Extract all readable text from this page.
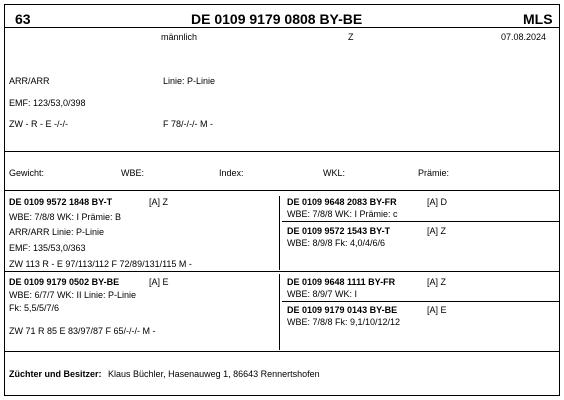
63	DE 0109 9179 0808 BY-BE	MLS
männlich	Z	07.08.2024
ARR/ARR	Linie: P-Linie
EMF: 123/53,0/398
ZW - R - E -/-/-	F 78/-/-/- M -
Gewicht:	WBE:	Index:	WKL:	Prämie:
DE 0109 9572 1848 BY-T	[A] Z
WBE: 7/8/8 WK: I Prämie: B
ARR/ARR Linie: P-Linie
EMF: 135/53,0/363
ZW 113 R - E 97/113/112 F 72/89/131/115 M -
DE 0109 9648 2083 BY-FR	[A] D
WBE: 7/8/8 WK: I Prämie: c
DE 0109 9572 1543 BY-T	[A] Z
WBE: 8/9/8 Fk: 4,0/4/6/6
DE 0109 9179 0502 BY-BE	[A] E
WBE: 6/7/7 WK: II Linie: P-Linie
Fk: 5,5/5/7/6
ZW 71 R 85 E 83/97/87 F 65/-/-/- M -
DE 0109 9648 1111 BY-FR	[A] Z
WBE: 8/9/7 WK: I
DE 0109 9179 0143 BY-BE	[A] E
WBE: 7/8/8 Fk: 9,1/10/12/12
Züchter und Besitzer: Klaus Büchler, Hasenauweg 1, 86643 Rennertshofen
